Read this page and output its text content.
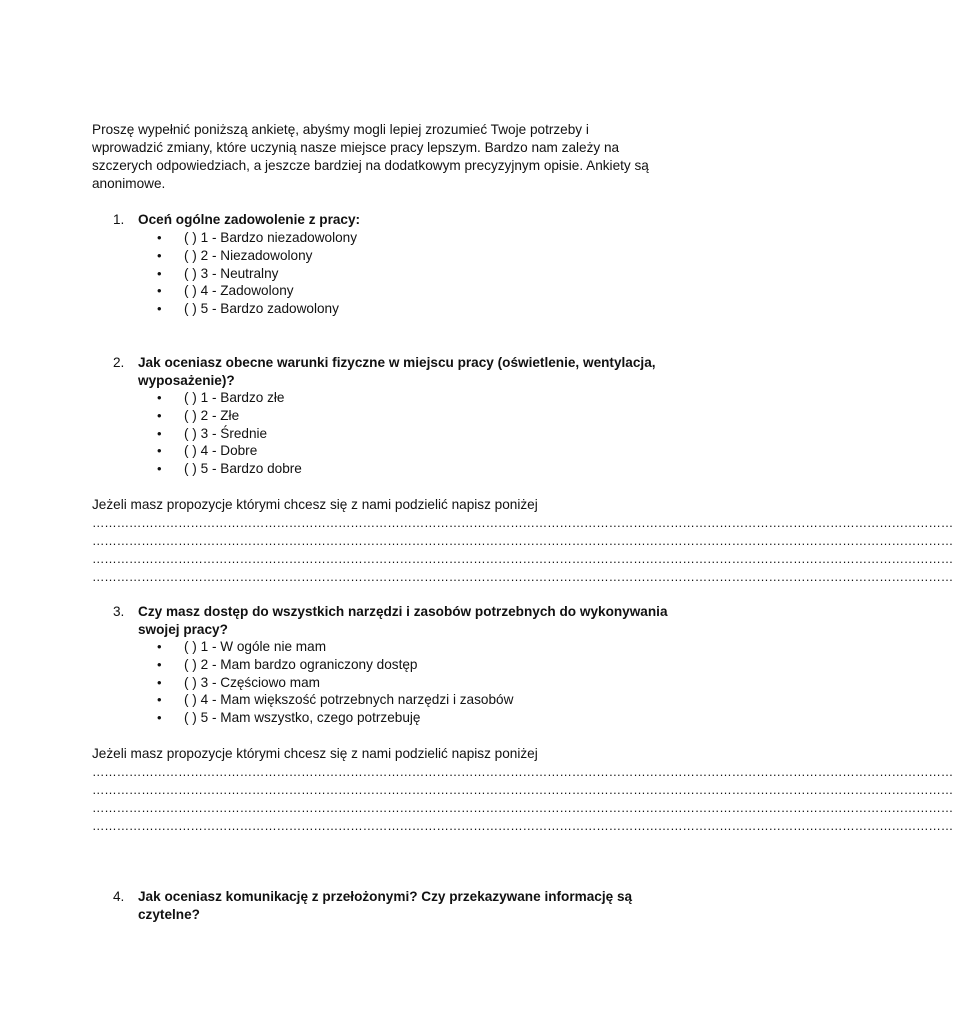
Proszę wypełnić poniższą ankietę, abyśmy mogli lepiej zrozumieć Twoje potrzeby i
wprowadzić zmiany, które uczynią nasze miejsce pracy lepszym. Bardzo nam zależy na
szczerych odpowiedziach, a jeszcze bardziej na dodatkowym precyzyjnym opisie. Ankiety są
anonimowe.
1. Oceń ogólne zadowolenie z pracy:
• ( ) 1 - Bardzo niezadowolony
• ( ) 2 - Niezadowolony
• ( ) 3 - Neutralny
• ( ) 4 - Zadowolony
• ( ) 5 - Bardzo zadowolony
2. Jak oceniasz obecne warunki fizyczne w miejscu pracy (oświetlenie, wentylacja,
wyposażenie)?
• ( ) 1 - Bardzo złe
• ( ) 2 - Złe
• ( ) 3 - Średnie
• ( ) 4 - Dobre
• ( ) 5 - Bardzo dobre
Jeżeli masz propozycje którymi chcesz się z nami podzielić napisz poniżej
…………………………………………………………………………………………………………………………………………………………………………………………
…………………………………………………………………………………………………………………………………………………………………………………………
…………………………………………………………………………………………………………………………………………………………………………………………
…………………………………………………………………………………………………………………………………………………………………………………………
3. Czy masz dostęp do wszystkich narzędzi i zasobów potrzebnych do wykonywania
swojej pracy?
• ( ) 1 - W ogóle nie mam
• ( ) 2 - Mam bardzo ograniczony dostęp
• ( ) 3 - Częściowo mam
• ( ) 4 - Mam większość potrzebnych narzędzi i zasobów
• ( ) 5 - Mam wszystko, czego potrzebuję
Jeżeli masz propozycje którymi chcesz się z nami podzielić napisz poniżej
…………………………………………………………………………………………………………………………………………………………………………………………
…………………………………………………………………………………………………………………………………………………………………………………………
…………………………………………………………………………………………………………………………………………………………………………………………
…………………………………………………………………………………………………………………………………………………………………………………………
4. Jak oceniasz komunikację z przełożonymi? Czy przekazywane informację są
czytelne?
